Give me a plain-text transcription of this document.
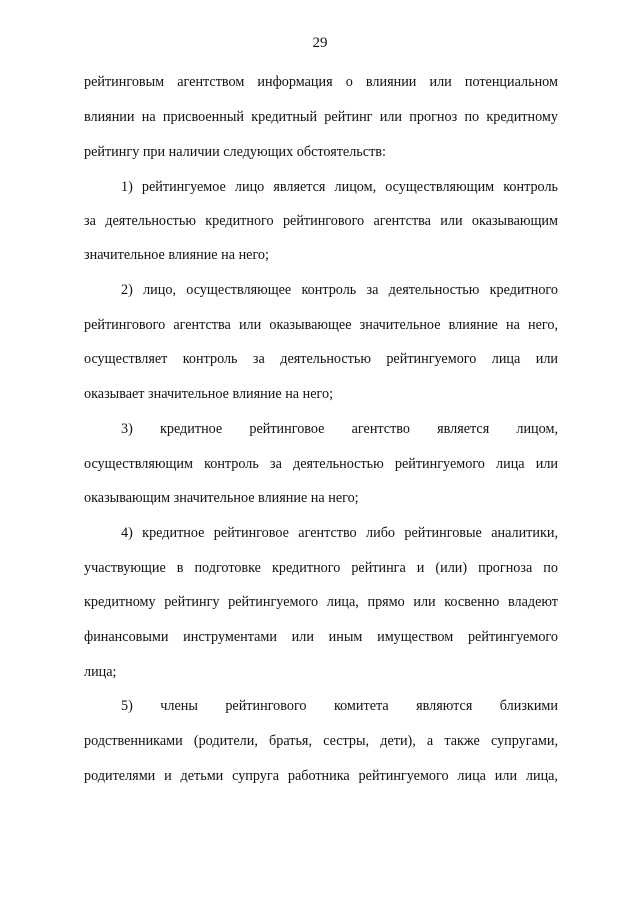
29
рейтинговым агентством информация о влиянии или потенциальном
влиянии на присвоенный кредитный рейтинг или прогноз по кредитному
рейтингу при наличии следующих обстоятельств:
1) рейтингуемое лицо является лицом, осуществляющим контроль
за деятельностью кредитного рейтингового агентства или оказывающим
значительное влияние на него;
2) лицо, осуществляющее контроль за деятельностью кредитного
рейтингового агентства или оказывающее значительное влияние на него,
осуществляет контроль за деятельностью рейтингуемого лица или
оказывает значительное влияние на него;
3) кредитное рейтинговое агентство является лицом,
осуществляющим контроль за деятельностью рейтингуемого лица или
оказывающим значительное влияние на него;
4) кредитное рейтинговое агентство либо рейтинговые аналитики,
участвующие в подготовке кредитного рейтинга и (или) прогноза по
кредитному рейтингу рейтингуемого лица, прямо или косвенно владеют
финансовыми инструментами или иным имуществом рейтингуемого
лица;
5) члены рейтингового комитета являются близкими
родственниками (родители, братья, сестры, дети), а также супругами,
родителями и детьми супруга работника рейтингуемого лица или лица,
